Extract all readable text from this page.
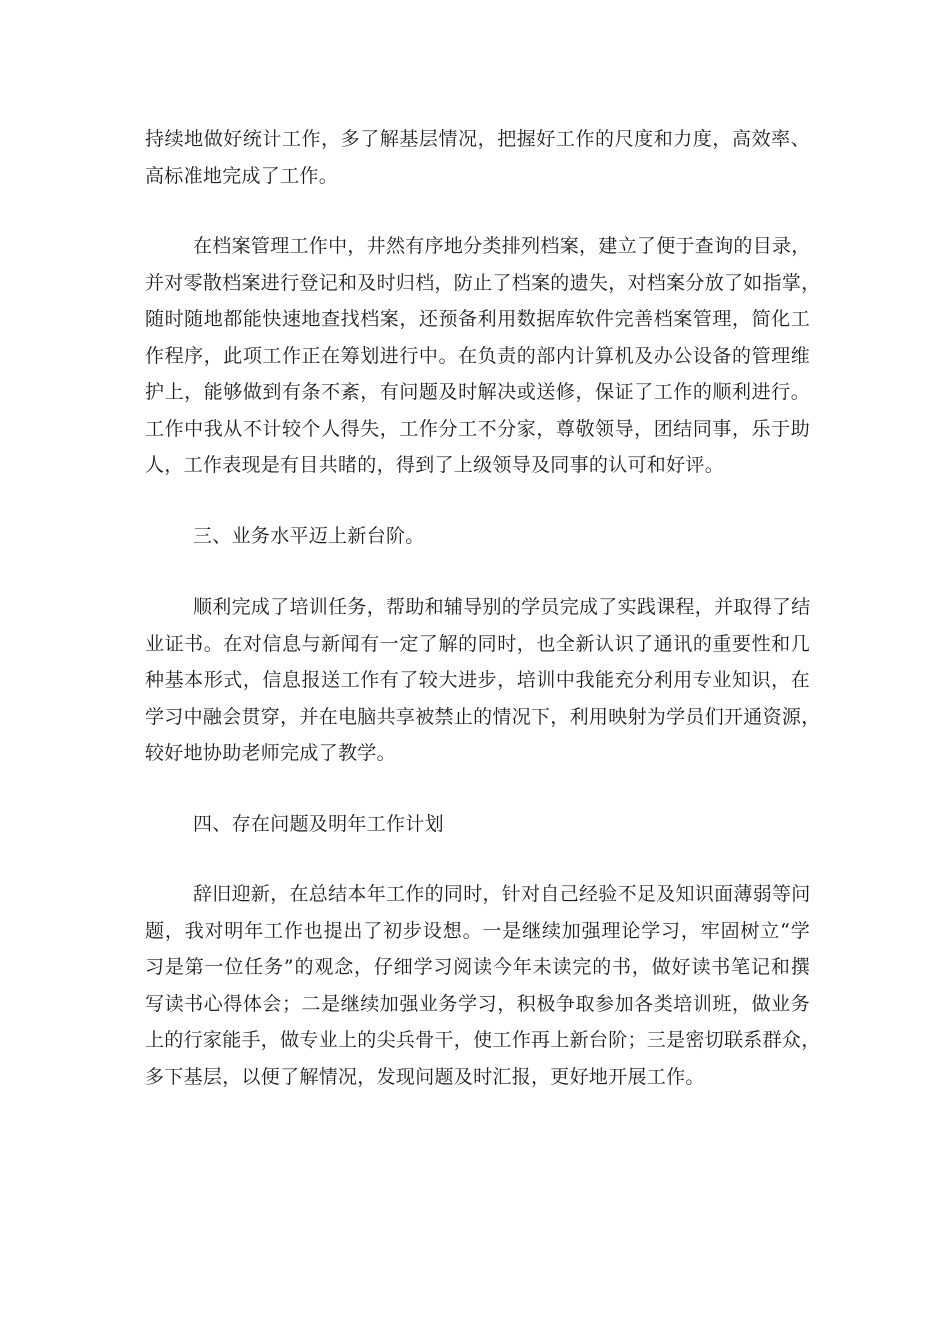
持续地做好统计工作，多了解基层情况，把握好工作的尺度和力度，高效率、
高标准地完成了工作。
在档案管理工作中，井然有序地分类排列档案，建立了便于查询的目录，
并对零散档案进行登记和及时归档，防止了档案的遗失，对档案分放了如指掌，
随时随地都能快速地查找档案，还预备利用数据库软件完善档案管理，简化工
作程序，此项工作正在筹划进行中。在负责的部内计算机及办公设备的管理维
护上，能够做到有条不紊，有问题及时解决或送修，保证了工作的顺利进行。
工作中我从不计较个人得失，工作分工不分家，尊敬领导，团结同事，乐于助
人，工作表现是有目共睹的，得到了上级领导及同事的认可和好评。

三、业务水平迈上新台阶。

顺利完成了培训任务，帮助和辅导别的学员完成了实践课程，并取得了结
业证书。在对信息与新闻有一定了解的同时，也全新认识了通讯的重要性和几
种基本形式，信息报送工作有了较大进步，培训中我能充分利用专业知识，在
学习中融会贯穿，并在电脑共享被禁止的情况下，利用映射为学员们开通资源，
较好地协助老师完成了教学。

四、存在问题及明年工作计划

辞旧迎新，在总结本年工作的同时，针对自己经验不足及知识面薄弱等问
题，我对明年工作也提出了初步设想。一是继续加强理论学习，牢固树立“学
习是第一位任务”的观念，仔细学习阅读今年未读完的书，做好读书笔记和撰
写读书心得体会；二是继续加强业务学习，积极争取参加各类培训班，做业务
上的行家能手，做专业上的尖兵骨干，使工作再上新台阶；三是密切联系群众，
多下基层，以便了解情况，发现问题及时汇报，更好地开展工作。
